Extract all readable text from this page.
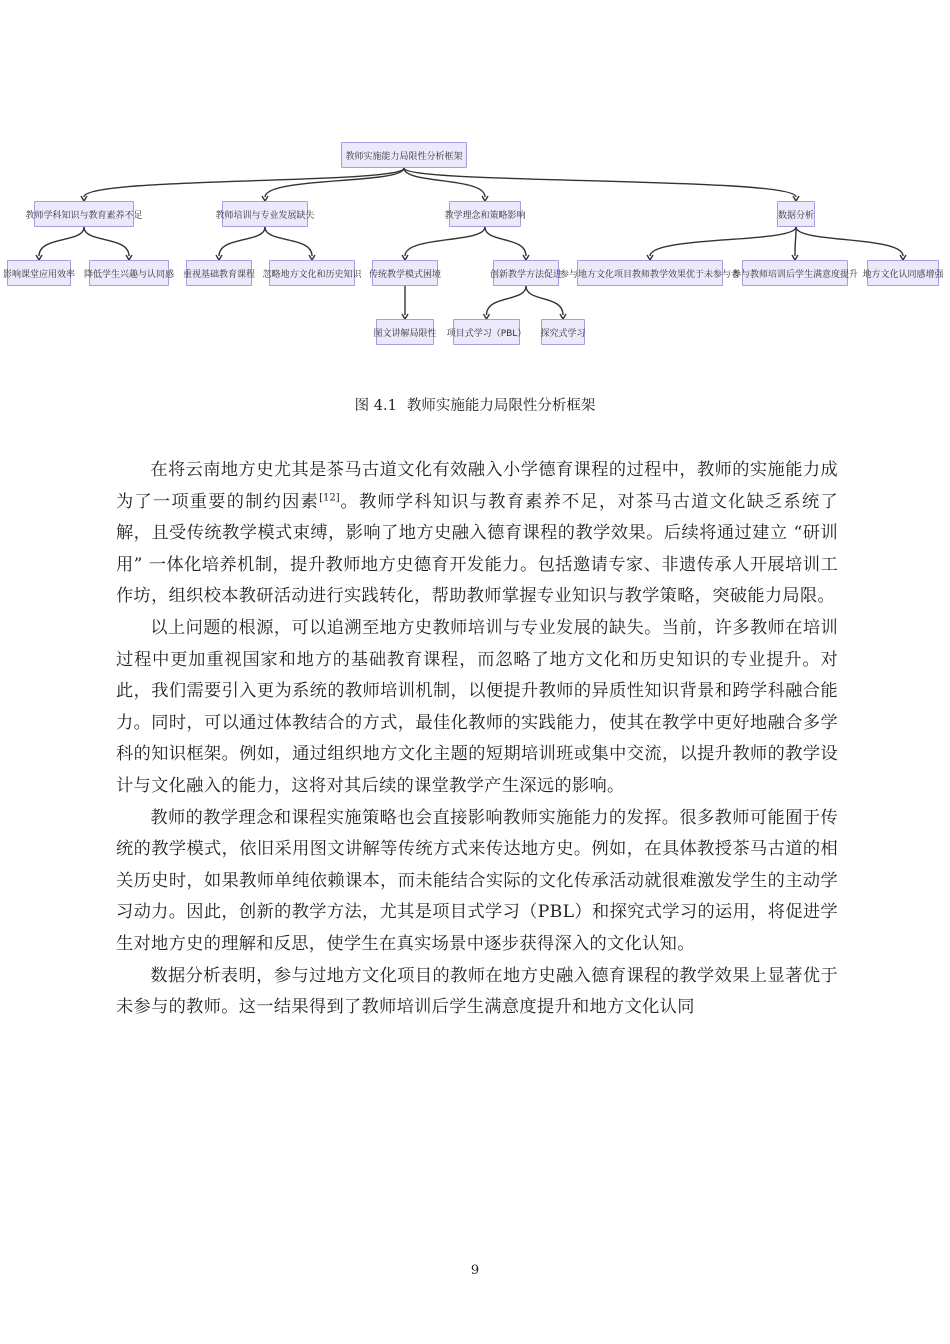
教师实施能力局限性分析框架
教师学科知识与教育素养不足	教师培训与专业发展缺失	教学理念和策略影响	数据分析
影响课堂应用效率 降低学生兴趣与认同感 重视基础教育课程 忽略地方文化和历史知识 传统教学模式困境	创新教学方法促进
参与地方文化项目教师教学效果优于未参与者
参与教师培训后学生满意度提升 地方文化认同感增强
图文讲解局限性 项目式学习（PBL） 探究式学习
图 4.1 教师实施能力局限性分析框架

在将云南地方史尤其是茶马古道文化有效融入小学德育课程的过程中，教师的实施能力成为了一项重要的制约因素[12]。教师学科知识与教育素养不足，对茶马古道文化缺乏系统了解，且受传统教学模式束缚，影响了地方史融入德育课程的教学效果。后续将通过建立 “研训用” 一体化培养机制，提升教师地方史德育开发能力。包括邀请专家、非遗传承人开展培训工作坊，组织校本教研活动进行实践转化，帮助教师掌握专业知识与教学策略，突破能力局限。

以上问题的根源，可以追溯至地方史教师培训与专业发展的缺失。当前，许多教师在培训过程中更加重视国家和地方的基础教育课程，而忽略了地方文化和历史知识的专业提升。对此，我们需要引入更为系统的教师培训机制，以便提升教师的异质性知识背景和跨学科融合能力。同时，可以通过体教结合的方式，最佳化教师的实践能力，使其在教学中更好地融合多学科的知识框架。例如，通过组织地方文化主题的短期培训班或集中交流，以提升教师的教学设计与文化融入的能力，这将对其后续的课堂教学产生深远的影响。

教师的教学理念和课程实施策略也会直接影响教师实施能力的发挥。很多教师可能囿于传统的教学模式，依旧采用图文讲解等传统方式来传达地方史。例如，在具体教授茶马古道的相关历史时，如果教师单纯依赖课本，而未能结合实际的文化传承活动就很难激发学生的主动学习动力。因此，创新的教学方法，尤其是项目式学习（PBL）和探究式学习的运用，将促进学生对地方史的理解和反思，使学生在真实场景中逐步获得深入的文化认知。

数据分析表明，参与过地方文化项目的教师在地方史融入德育课程的教学效果上显著优于未参与的教师。这一结果得到了教师培训后学生满意度提升和地方文化认同

9
